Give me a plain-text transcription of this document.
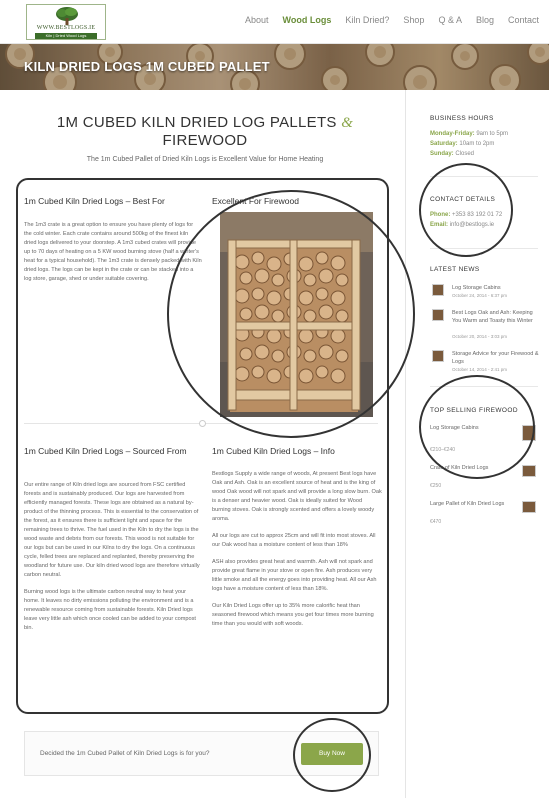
WWW.BESTLOGS.IE
Kiln | Dried Wood Logs
About Wood Logs Kiln Dried? Shop Q & A Blog Contact
KILN DRIED LOGS 1M CUBED PALLET
1M CUBED KILN DRIED LOG PALLETS &
FIREWOOD
The 1m Cubed Pallet of Dried Kiln Logs is Excellent Value for Home Heating
1m Cubed Kiln Dried Logs – Best For

The 1m3 crate is a great option to ensure you have plenty of logs for the cold winter. Each crate contains around 500kg of the finest kiln dried logs delivered to your doorstep. A 1m3 cubed crates will provide up to 70 days of heating on a 5 KW wood burning stove (half a winter's heat for a typical household). The 1m3 crate is densely packed with Kiln dried logs. The logs can be kept in the crate or can be stacked into a log store, garage, shed or under suitable covering.

Excellent For Firewood
1m Cubed Kiln Dried Logs – Sourced From

Our entire range of Kiln dried logs are sourced from FSC certified forests and is sustainably produced. Our logs are harvested from efficiently managed forests. These logs are obtained as a natural by-product of the thinning process. This is essential to the conservation of the forest, as it ensures there is sufficient light and space for the remaining trees to thrive. The fuel used in the Kiln to dry the logs is the wood waste and debris from our forests. This wood is not suitable for our logs but can be used in our Kilns to dry the logs. On a continuous cycle, felled trees are replaced and replanted, thereby preserving the woodland for future use. Our kiln dried wood logs are therefore virtually carbon neutral.

Burning wood logs is the ultimate carbon neutral way to heat your home. It leaves no dirty emissions polluting the environment and is a renewable resource coming from sustainable forests. Kiln Dried logs leave very little ash which once cooled can be added to your compost bin.

1m Cubed Kiln Dried Logs – Info

Bestlogs Supply a wide range of woods, At present Best logs have Oak and Ash. Oak is an excellent source of heat and is the king of wood Oak wood will not spark and will provide a long slow burn. Oak is a denser and heavier wood. Oak is ideally suited for Wood burning stoves. Oak is strongly scented and offers a lovely woody aroma.

All our logs are cut to approx 25cm and will fit into most stoves. All our Oak wood has a moisture content of less than 18%

ASH also provides great heat and warmth. Ash will not spark and provide great flame in your stove or open fire. Ash produces very little smoke and all the energy goes into providing heat. All our Ash logs have a moisture content of less than 18%.

Our Kiln Dried Logs offer up to 35% more calorific heat than seasoned firewood which means you get four times more burning time than you would with soft woods.

Decided the 1m Cubed Pallet of Kiln Dried Logs is for you?	Buy Now
BUSINESS HOURS
Monday-Friday: 9am to 5pm
Saturday: 10am to 2pm
Sunday: Closed
CONTACT DETAILS
Phone: +353 83 192 01 72
Email: info@bestlogs.ie
LATEST NEWS
Log Storage Cabins
October 24, 2014 - 6:37 pm
Best Logs Oak and Ash: Keeping You Warm and Toasty this Winter
October 20, 2014 - 3:03 pm
Storage Advice for your Firewood & Logs
October 14, 2014 - 2:41 pm
TOP SELLING FIREWOOD
Log Storage Cabins
€210–€240
Crate of Kiln Dried Logs
€250
Large Pallet of Kiln Dried Logs
€470
